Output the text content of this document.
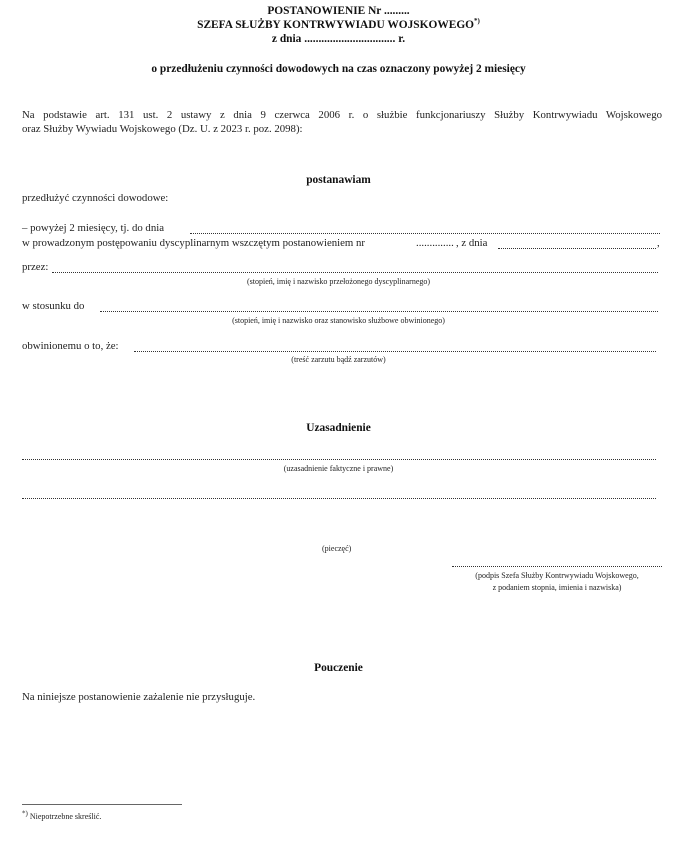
POSTANOWIENIE Nr .........
SZEFA SŁUŻBY KONTRWYWIADU WOJSKOWEGO*)
z dnia ................................ r.
o przedłużeniu czynności dowodowych na czas oznaczony powyżej 2 miesięcy
Na podstawie art. 131 ust. 2 ustawy z dnia 9 czerwca 2006 r. o służbie funkcjonariuszy Służby Kontrwywiadu Wojskowego
oraz Służby Wywiadu Wojskowego (Dz. U. z 2023 r. poz. 2098):
postanawiam
przedłużyć czynności dowodowe:
– powyżej 2 miesięcy, tj. do dnia
w prowadzonym postępowaniu dyscyplinarnym wszczętym postanowieniem nr	.............. , z dnia	,
przez:
(stopień, imię i nazwisko przełożonego dyscyplinarnego)
w stosunku do
(stopień, imię i nazwisko oraz stanowisko służbowe obwinionego)
obwinionemu o to, że:
(treść zarzutu bądź zarzutów)
Uzasadnienie
(uzasadnienie faktyczne i prawne)
(pieczęć)
(podpis Szefa Służby Kontrwywiadu Wojskowego,
z podaniem stopnia, imienia i nazwiska)
Pouczenie
Na niniejsze postanowienie zażalenie nie przysługuje.
*) Niepotrzebne skreślić.
